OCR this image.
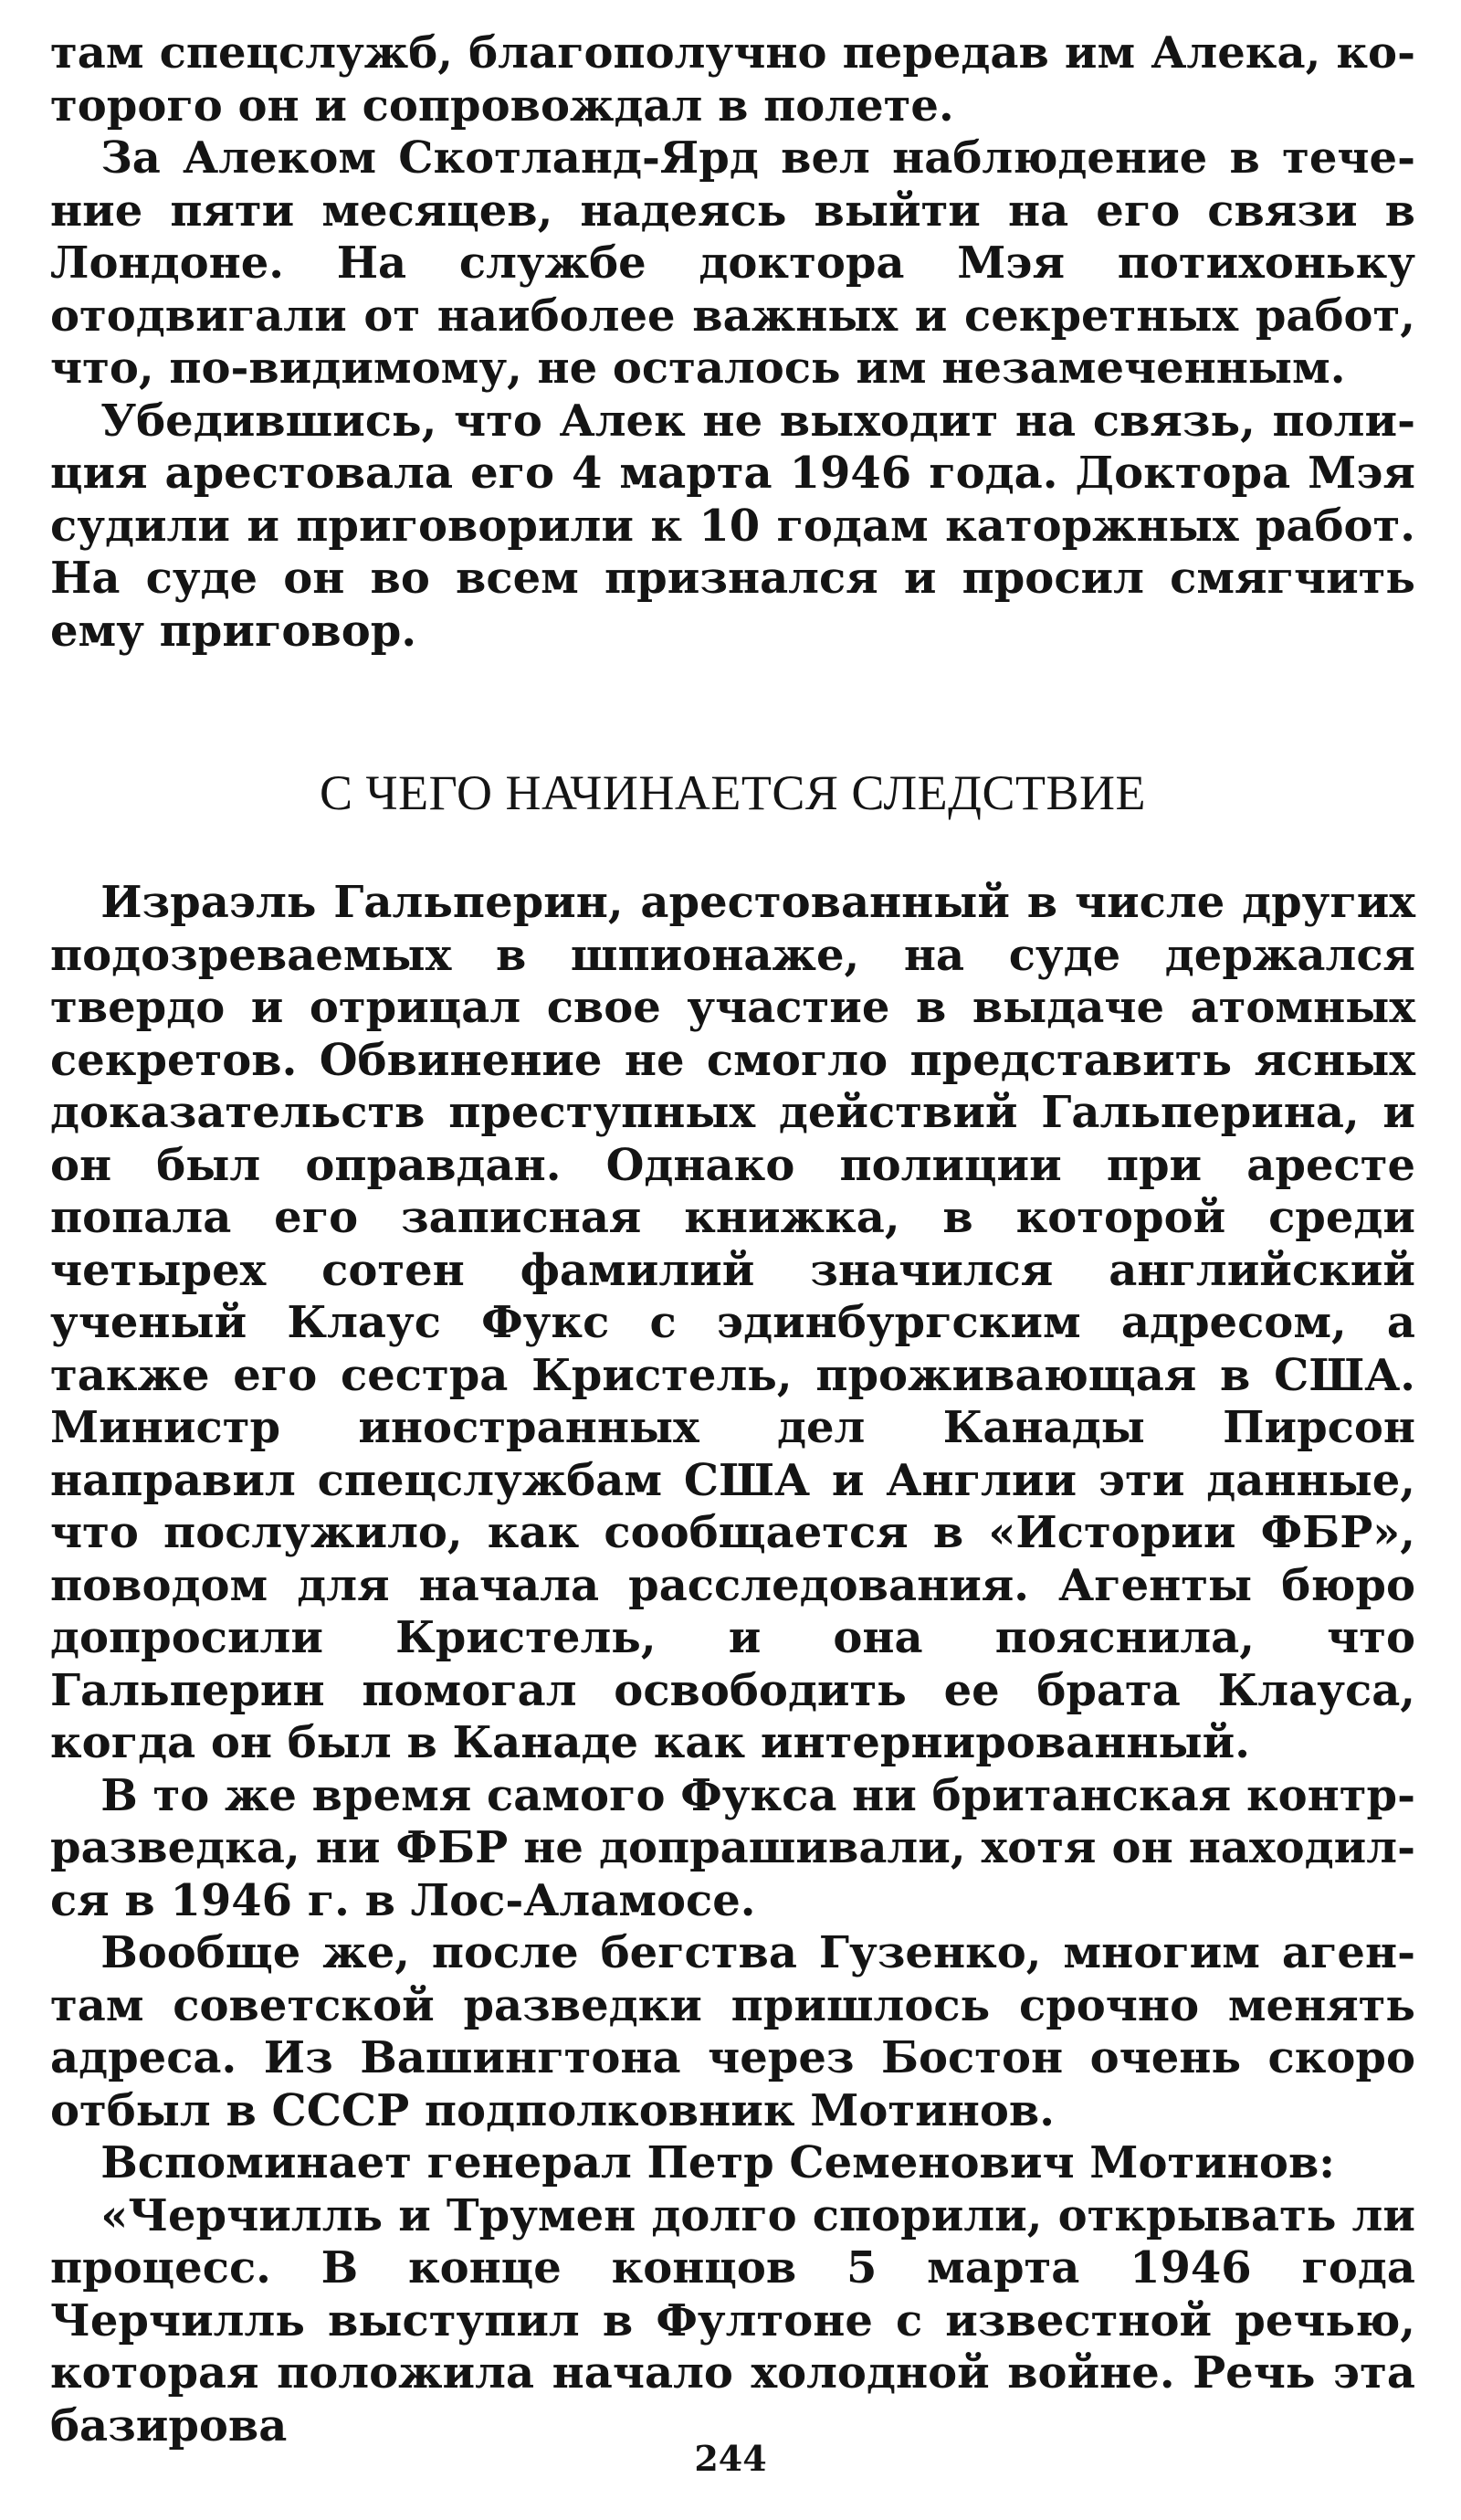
там спецслужб, благополучно передав им Алека, которого он и сопровождал в полете.

За Алеком Скотланд-Ярд вел наблюдение в течение пяти месяцев, надеясь выйти на его связи в Лондоне. На службе доктора Мэя потихоньку отодвигали от наиболее важных и секретных работ, что, по-видимому, не осталось им незамеченным.

Убедившись, что Алек не выходит на связь, полиция арестовала его 4 марта 1946 года. Доктора Мэя судили и приговорили к 10 годам каторжных работ. На суде он во всем признался и просил смягчить ему приговор.

С ЧЕГО НАЧИНАЕТСЯ СЛЕДСТВИЕ

Израэль Гальперин, арестованный в числе других подозреваемых в шпионаже, на суде держался твердо и отрицал свое участие в выдаче атомных секретов. Обвинение не смогло представить ясных доказательств преступных действий Гальперина, и он был оправдан. Однако полиции при аресте попала его записная книжка, в которой среди четырех сотен фамилий значился английский ученый Клаус Фукс с эдинбургским адресом, а также его сестра Кристель, проживающая в США. Министр иностранных дел Канады Пирсон направил спецслужбам США и Англии эти данные, что послужило, как сообщается в «Истории ФБР», поводом для начала расследования. Агенты бюро допросили Кристель, и она пояснила, что Гальперин помогал освободить ее брата Клауса, когда он был в Канаде как интернированный.

В то же время самого Фукса ни британская контрразведка, ни ФБР не допрашивали, хотя он находился в 1946 г. в Лос-Аламосе.

Вообще же, после бегства Гузенко, многим агентам советской разведки пришлось срочно менять адреса. Из Вашингтона через Бостон очень скоро отбыл в СССР подполковник Мотинов.

Вспоминает генерал Петр Семенович Мотинов:

«Черчилль и Трумен долго спорили, открывать ли процесс. В конце концов 5 марта 1946 года Черчилль выступил в Фултоне с известной речью, которая положила начало холодной войне. Речь эта базирова

244
